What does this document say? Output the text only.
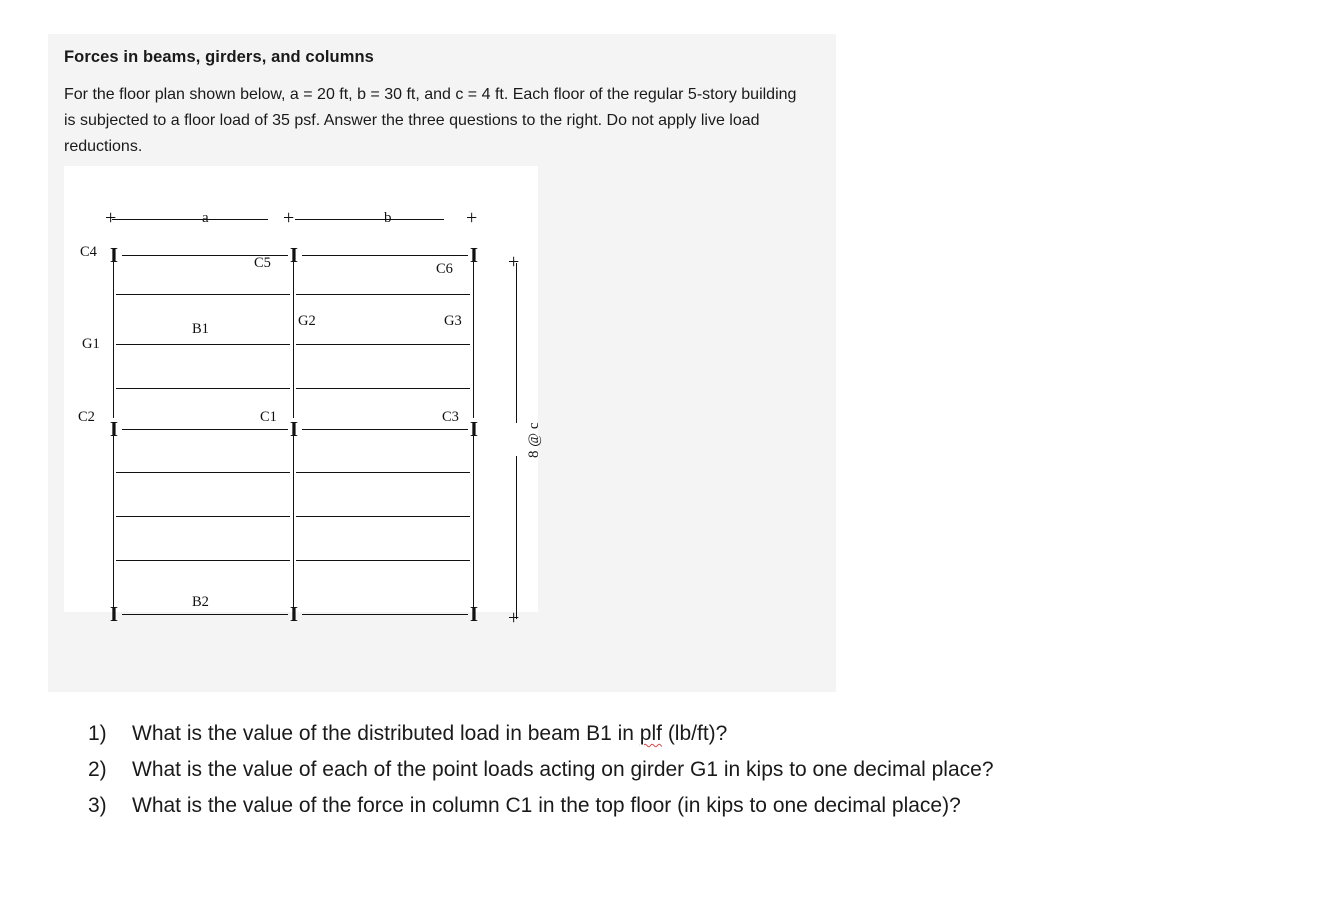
Forces in beams, girders, and columns
For the floor plan shown below, a = 20 ft, b = 30 ft, and c = 4 ft. Each floor of the regular 5-story building is subjected to a floor load of 35 psf. Answer the three questions to the right. Do not apply live load reductions.
+	+	+
a	b
+
+
8 @ c
I	I	I
C4
C5	C6
G1
G2	G3
B1
I	I	I
C2	C1	C3
I	I	I
B2
1)	What is the value of the distributed load in beam B1 in plf (lb/ft)?
2)	What is the value of each of the point loads acting on girder G1 in kips to one decimal place?
3)	What is the value of the force in column C1 in the top floor (in kips to one decimal place)?
